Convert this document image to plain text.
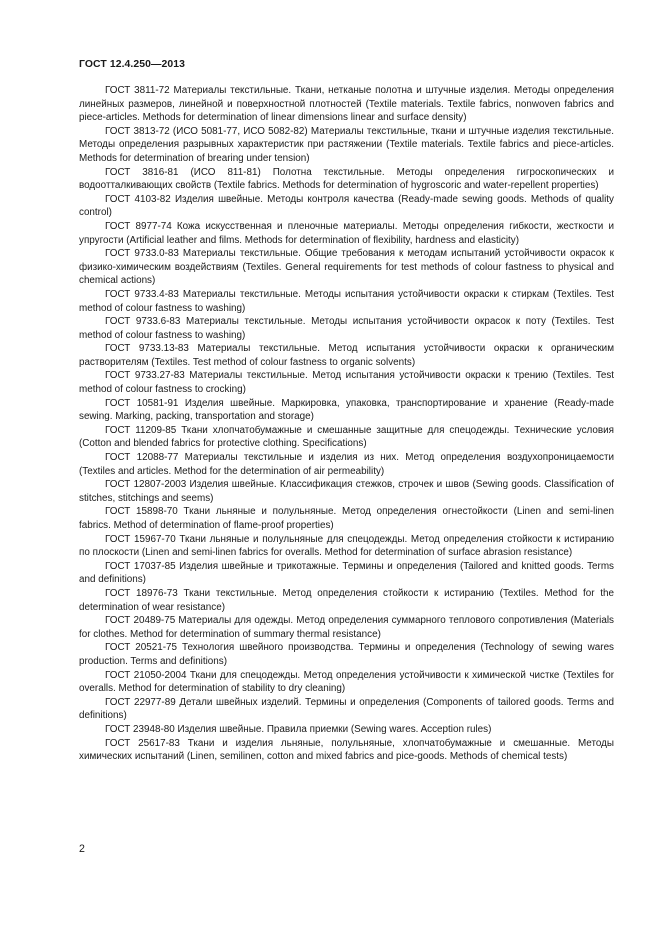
ГОСТ 12.4.250—2013
ГОСТ 3811-72 Материалы текстильные. Ткани, нетканые полотна и штучные изделия. Методы определения линейных размеров, линейной и поверхностной плотностей (Textile materials. Textile fabrics, nonwoven fabrics and piece-articles. Methods for determination of linear dimensions linear and surface density)
ГОСТ 3813-72 (ИСО 5081-77, ИСО 5082-82) Материалы текстильные, ткани и штучные изделия текстильные. Методы определения разрывных характеристик при растяжении (Textile materials. Textile fabrics and piece-articles. Methods for determination of brearing under tension)
ГОСТ 3816-81 (ИСО 811-81) Полотна текстильные. Методы определения гигроскопических и водоотталкивающих свойств (Textile fabrics. Methods for determination of hygroscoric and water-repellent properties)
ГОСТ 4103-82 Изделия швейные. Методы контроля качества (Ready-made sewing goods. Methods of quality control)
ГОСТ 8977-74 Кожа искусственная и пленочные материалы. Методы определения гибкости, жесткости и упругости (Artificial leather and films. Methods for determination of flexibility, hardness and elasticity)
ГОСТ 9733.0-83 Материалы текстильные. Общие требования к методам испытаний устойчивости окрасок к физико-химическим воздействиям (Textiles. General requirements for test methods of colour fastness to physical and chemical actions)
ГОСТ 9733.4-83 Материалы текстильные. Методы испытания устойчивости окраски к стиркам (Textiles. Test method of colour fastness to washing)
ГОСТ 9733.6-83 Материалы текстильные. Методы испытания устойчивости окрасок к поту (Textiles. Test method of colour fastness to washing)
ГОСТ 9733.13-83 Материалы текстильные. Метод испытания устойчивости окраски к органическим растворителям (Textiles. Test method of colour fastness to organic solvents)
ГОСТ 9733.27-83 Материалы текстильные. Метод испытания устойчивости окраски к трению (Textiles. Test method of colour fastness to crocking)
ГОСТ 10581-91 Изделия швейные. Маркировка, упаковка, транспортирование и хранение (Ready-made sewing. Marking, packing, transportation and storage)
ГОСТ 11209-85 Ткани хлопчатобумажные и смешанные защитные для спецодежды. Технические условия (Cotton and blended fabrics for protective clothing. Specifications)
ГОСТ 12088-77 Материалы текстильные и изделия из них. Метод определения воздухопроницаемости (Textiles and articles. Method for the determination of air permeability)
ГОСТ 12807-2003 Изделия швейные. Классификация стежков, строчек и швов (Sewing goods. Classification of stitches, stitchings and seems)
ГОСТ 15898-70 Ткани льняные и полульняные. Метод определения огнестойкости (Linen and semi-linen fabrics. Method of determination of flame-proof properties)
ГОСТ 15967-70 Ткани льняные и полульняные для спецодежды. Метод определения стойкости к истиранию по плоскости (Linen and semi-linen fabrics for overalls. Method for determination of surface abrasion resistance)
ГОСТ 17037-85 Изделия швейные и трикотажные. Термины и определения (Tailored and knitted goods. Terms and definitions)
ГОСТ 18976-73 Ткани текстильные. Метод определения стойкости к истиранию (Textiles. Method for the determination of wear resistance)
ГОСТ 20489-75 Материалы для одежды. Метод определения суммарного теплового сопротивления (Materials for clothes. Method for determination of summary thermal resistance)
ГОСТ 20521-75 Технология швейного производства. Термины и определения (Technology of sewing wares production. Terms and definitions)
ГОСТ 21050-2004 Ткани для спецодежды. Метод определения устойчивости к химической чистке (Textiles for overalls. Method for determination of stability to dry cleaning)
ГОСТ 22977-89 Детали швейных изделий. Термины и определения (Components of tailored goods. Terms and definitions)
ГОСТ 23948-80 Изделия швейные. Правила приемки (Sewing wares. Accеption rules)
ГОСТ 25617-83 Ткани и изделия льняные, полульняные, хлопчатобумажные и смешанные. Методы химических испытаний (Linen, semilinen, cotton and mixed fabrics and pice-goods. Methods of chemical tests)
2
